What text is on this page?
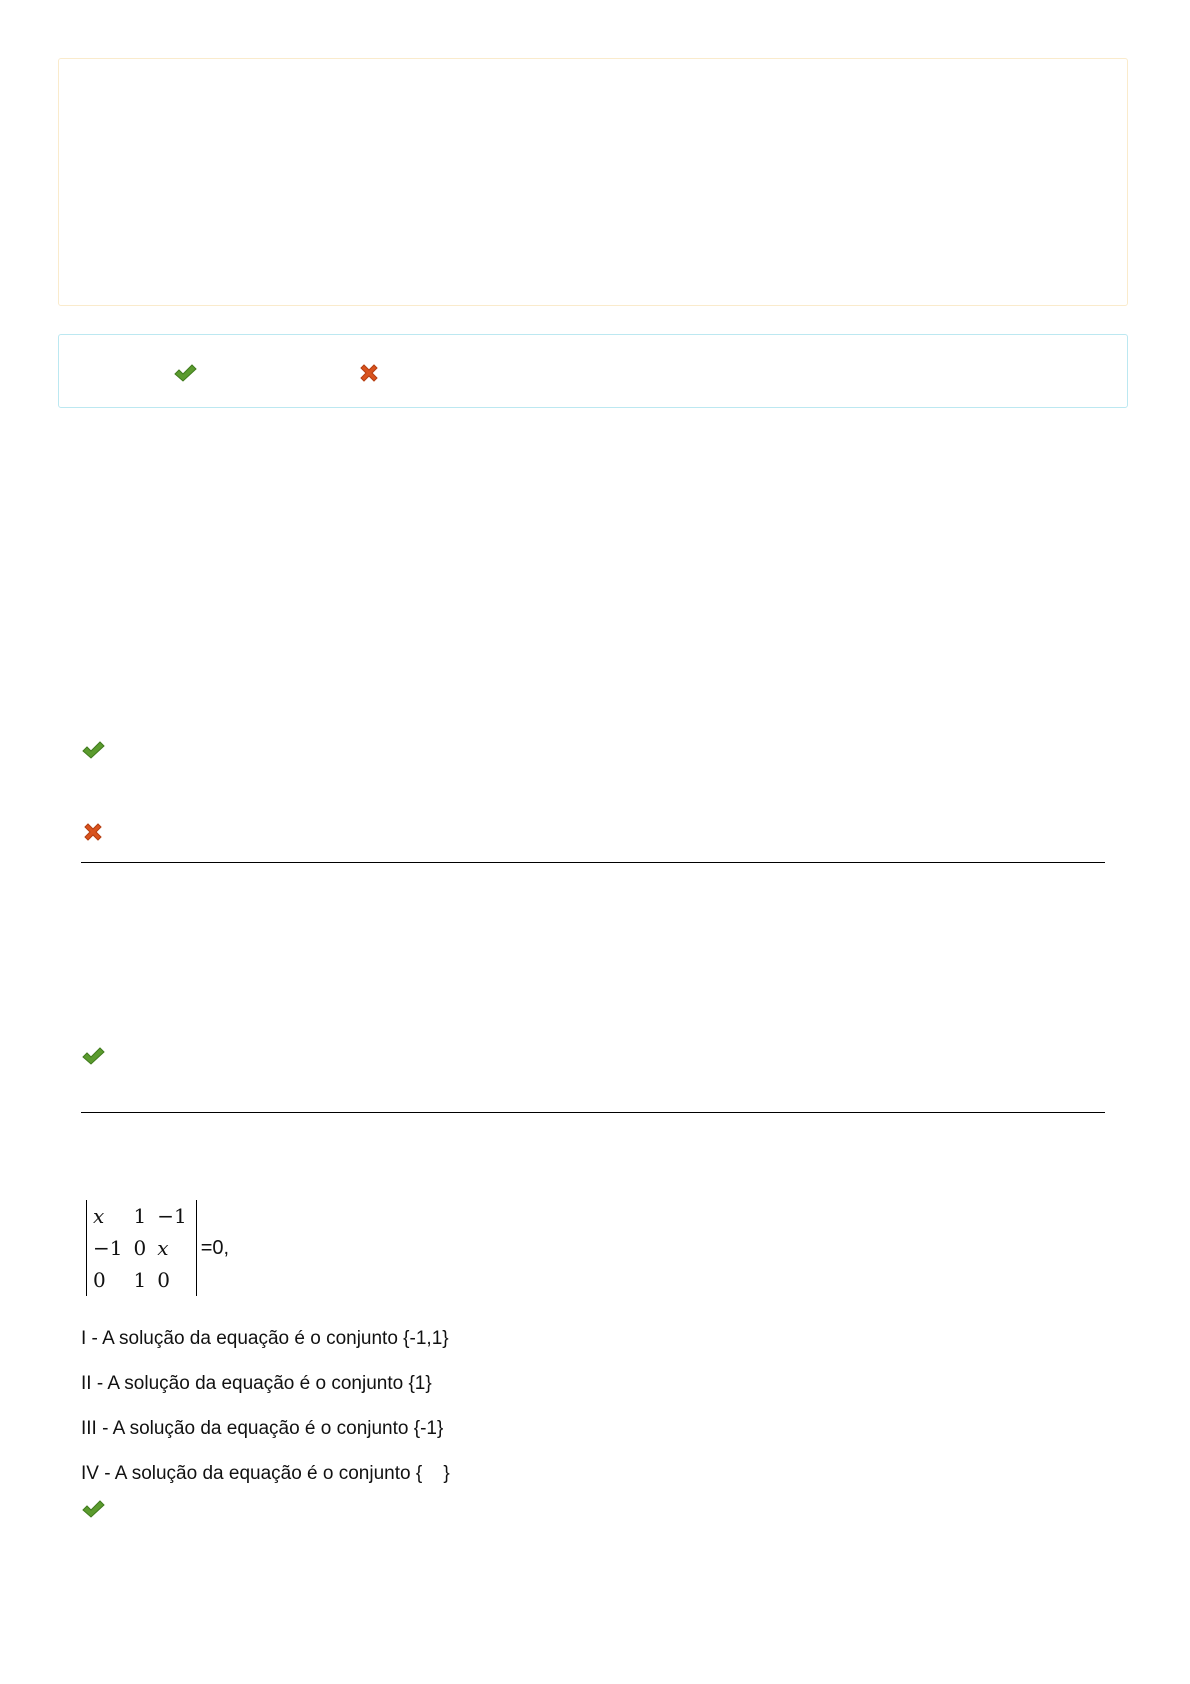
x	1	−1
−1	0	x
0	1	0
=0,
I - A solução da equação é o conjunto {-1,1}
II - A solução da equação é o conjunto {1}
III - A solução da equação é o conjunto {-1}
IV - A solução da equação é o conjunto {    }
